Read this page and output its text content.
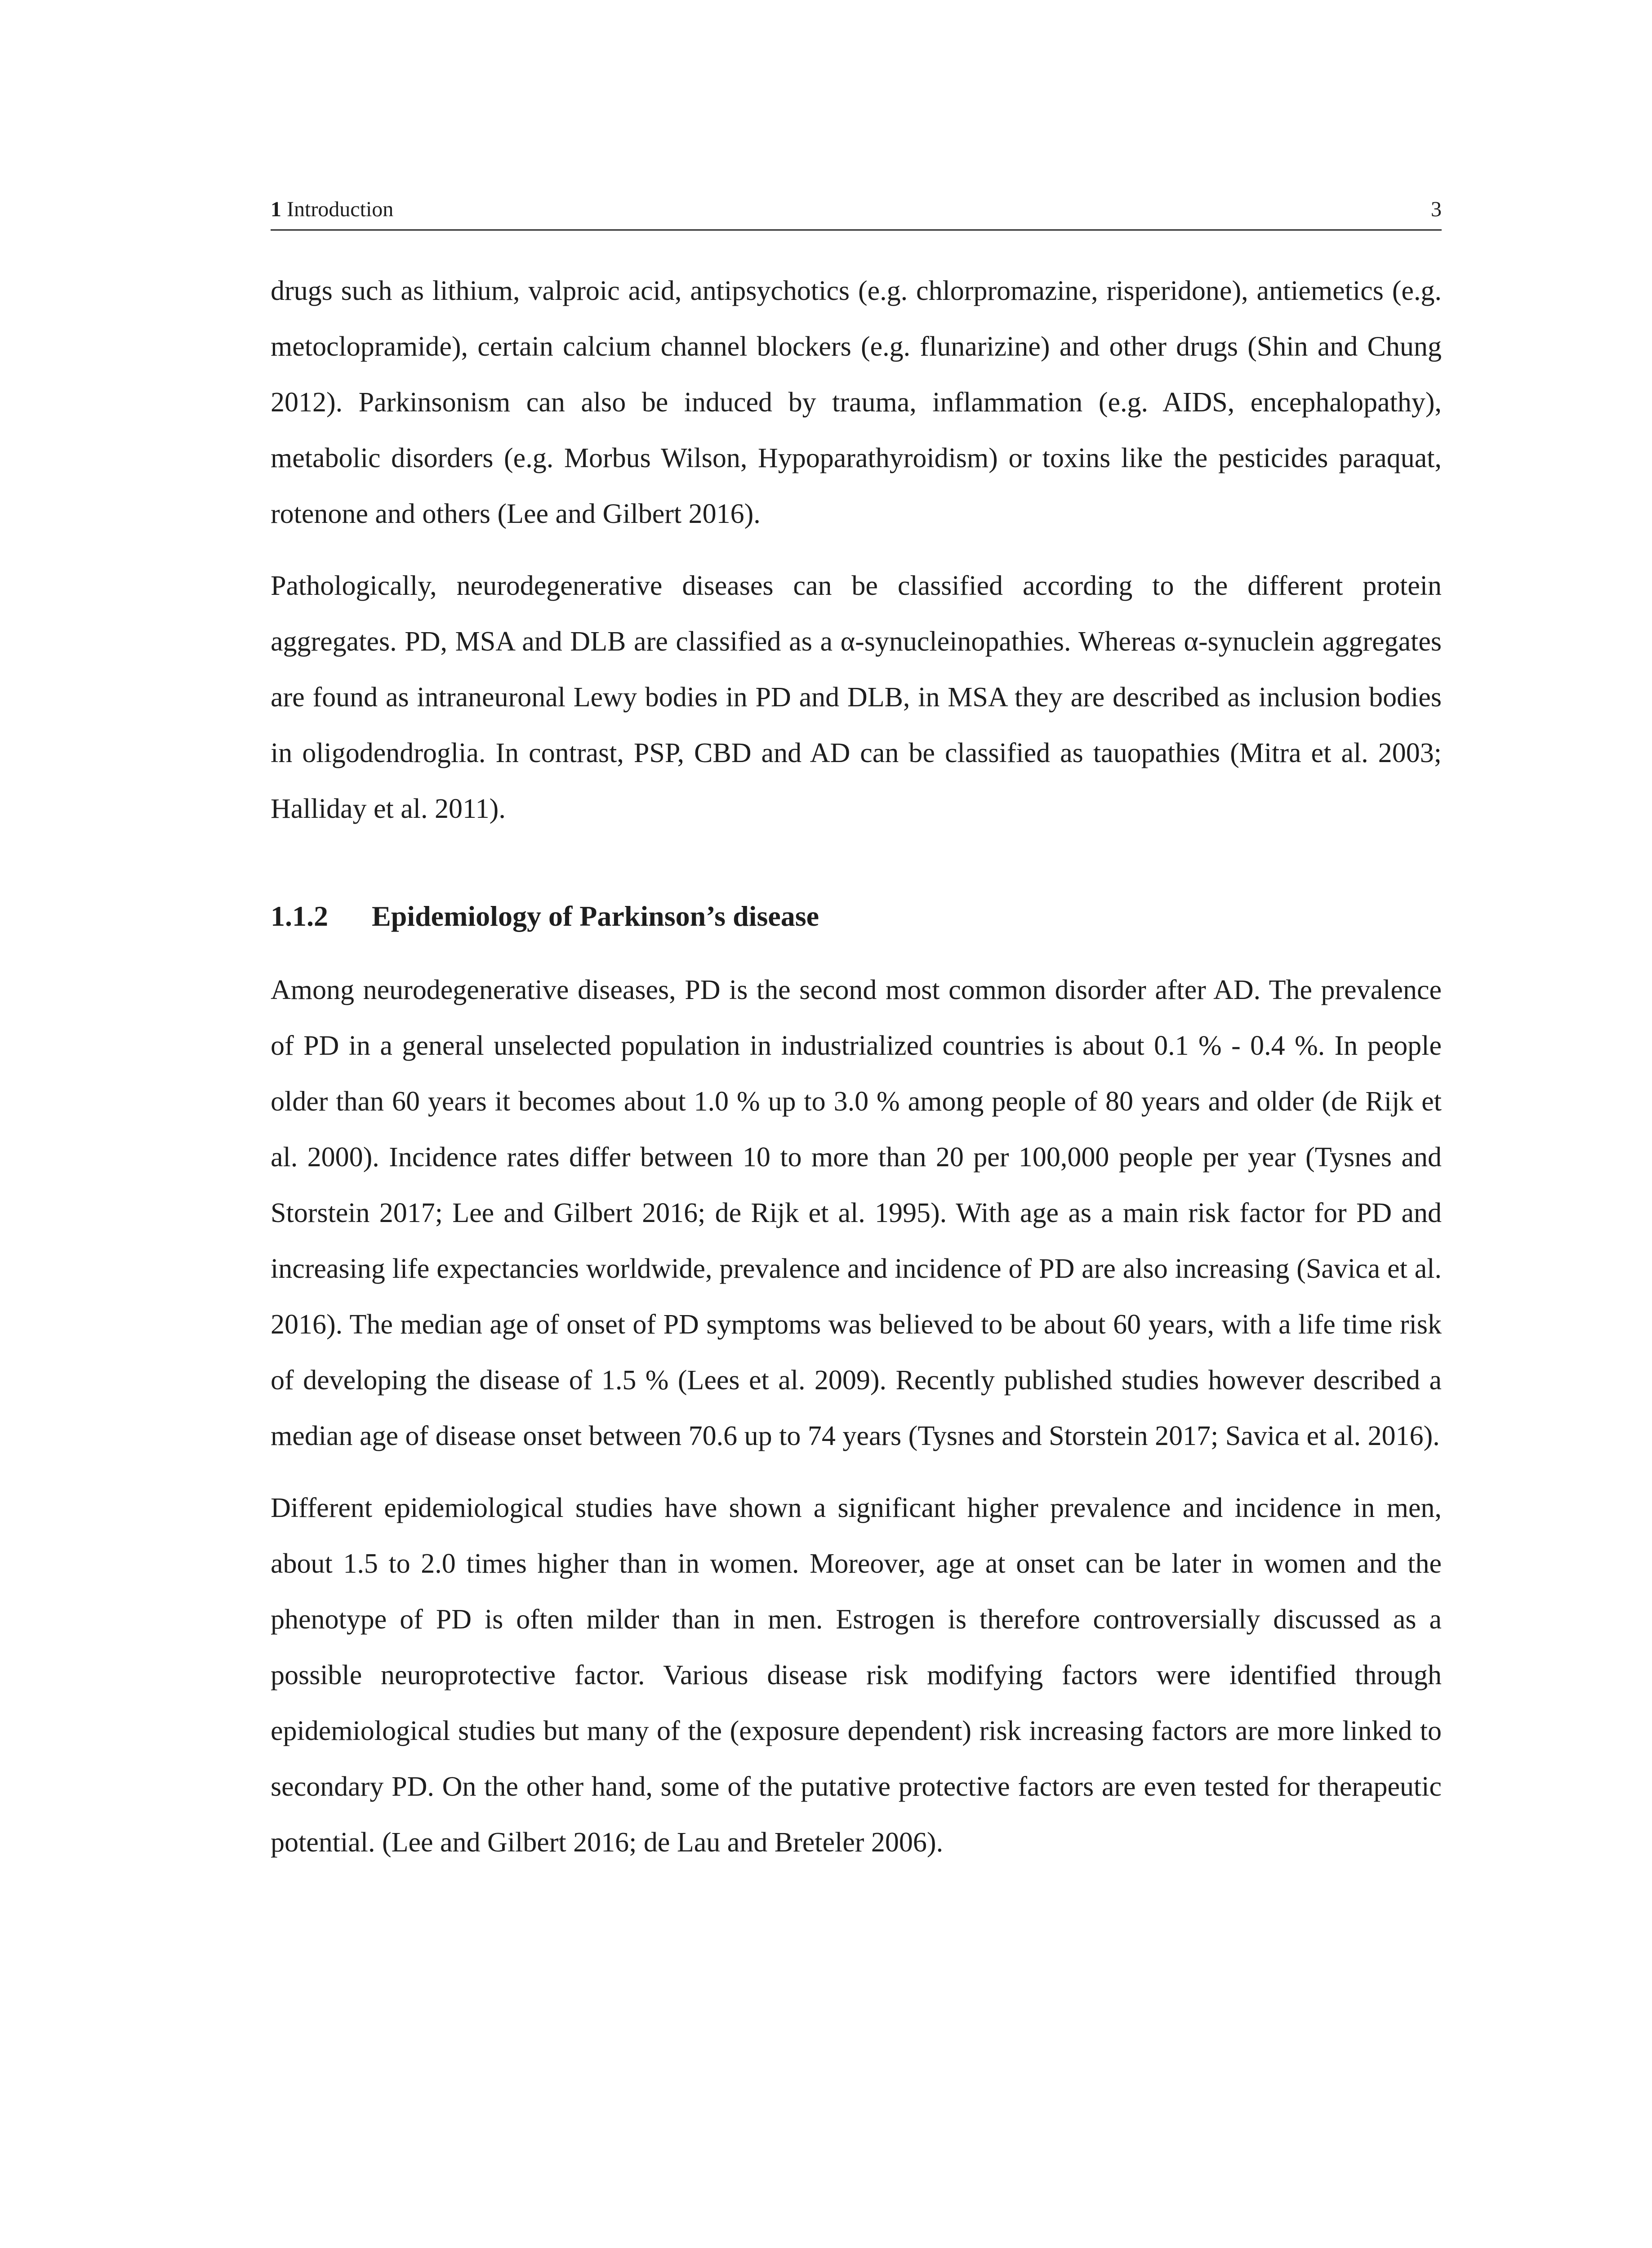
1 Introduction	3

drugs such as lithium, valproic acid, antipsychotics (e.g. chlorpromazine, risperidone), antiemetics (e.g. metoclopramide), certain calcium channel blockers (e.g. flunarizine) and other drugs (Shin and Chung 2012). Parkinsonism can also be induced by trauma, inflammation (e.g. AIDS, encephalopathy), metabolic disorders (e.g. Morbus Wilson, Hypoparathyroidism) or toxins like the pesticides paraquat, rotenone and others (Lee and Gilbert 2016).

Pathologically, neurodegenerative diseases can be classified according to the different protein aggregates. PD, MSA and DLB are classified as a α-synucleinopathies. Whereas α-synuclein aggregates are found as intraneuronal Lewy bodies in PD and DLB, in MSA they are described as inclusion bodies in oligodendroglia. In contrast, PSP, CBD and AD can be classified as tauopathies (Mitra et al. 2003; Halliday et al. 2011).

1.1.2 Epidemiology of Parkinson’s disease

Among neurodegenerative diseases, PD is the second most common disorder after AD. The prevalence of PD in a general unselected population in industrialized countries is about 0.1 % - 0.4 %. In people older than 60 years it becomes about 1.0 % up to 3.0 % among people of 80 years and older (de Rijk et al. 2000). Incidence rates differ between 10 to more than 20 per 100,000 people per year (Tysnes and Storstein 2017; Lee and Gilbert 2016; de Rijk et al. 1995). With age as a main risk factor for PD and increasing life expectancies worldwide, prevalence and incidence of PD are also increasing (Savica et al. 2016). The median age of onset of PD symptoms was believed to be about 60 years, with a life time risk of developing the disease of 1.5 % (Lees et al. 2009). Recently published studies however described a median age of disease onset between 70.6 up to 74 years (Tysnes and Storstein 2017; Savica et al. 2016).

Different epidemiological studies have shown a significant higher prevalence and incidence in men, about 1.5 to 2.0 times higher than in women. Moreover, age at onset can be later in women and the phenotype of PD is often milder than in men. Estrogen is therefore controversially discussed as a possible neuroprotective factor. Various disease risk modifying factors were identified through epidemiological studies but many of the (exposure dependent) risk increasing factors are more linked to secondary PD. On the other hand, some of the putative protective factors are even tested for therapeutic potential. (Lee and Gilbert 2016; de Lau and Breteler 2006).
